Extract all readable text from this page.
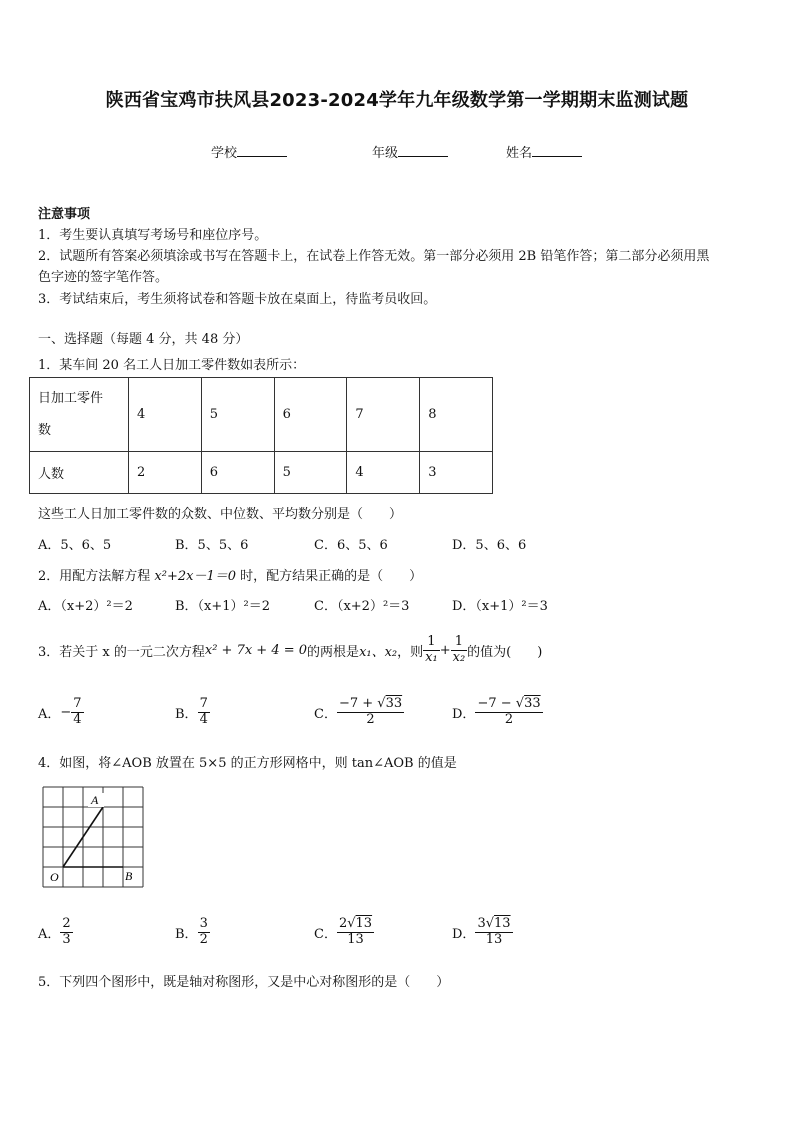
陕西省宝鸡市扶风县2023-2024学年九年级数学第一学期期末监测试题
学校	年级	姓名
注意事项
1．考生要认真填写考场号和座位序号。
2．试题所有答案必须填涂或书写在答题卡上，在试卷上作答无效。第一部分必须用 2B 铅笔作答；第二部分必须用黑
色字迹的签字笔作答。
3．考试结束后，考生须将试卷和答题卡放在桌面上，待监考员收回。
一、选择题（每题 4 分，共 48 分）
1．某车间 20 名工人日加工零件数如表所示：
日加工零件
数	4	5	6	7	8
人数	2	6	5	4	3
这些工人日加工零件数的众数、中位数、平均数分别是（　　）
A．5、6、5	B．5、5、6	C．6、5、6	D．5、6、6
2．用配方法解方程 x²+2x－1＝0 时，配方结果正确的是（　　）
A．（x+2）²＝2	B．（x+1）²＝2	C．（x+2）²＝3	D．（x+1）²＝3
3．若关于 x 的一元二次方程 x² + 7x + 4 = 0 的两根是 x₁、x₂ ，则 $\frac{1}{\text{x₁}} + \frac{1}{\text{x₂}}$ 的值为(　　)
A． − $\frac{7}{4}$	B． $\frac{7}{4}$	C． $\frac{-7 + √33}{2}$	D． $\frac{-7 - √33}{2}$
4．如图，将∠AOB 放置在 5×5 的正方形网格中，则 tan∠AOB 的值是
A
O	B
A． $\frac{2}{3}$	B． $\frac{3}{2}$	C． $\frac{2√13}{13}$	D． $\frac{3√13}{13}$
5．下列四个图形中，既是轴对称图形，又是中心对称图形的是（　　）
